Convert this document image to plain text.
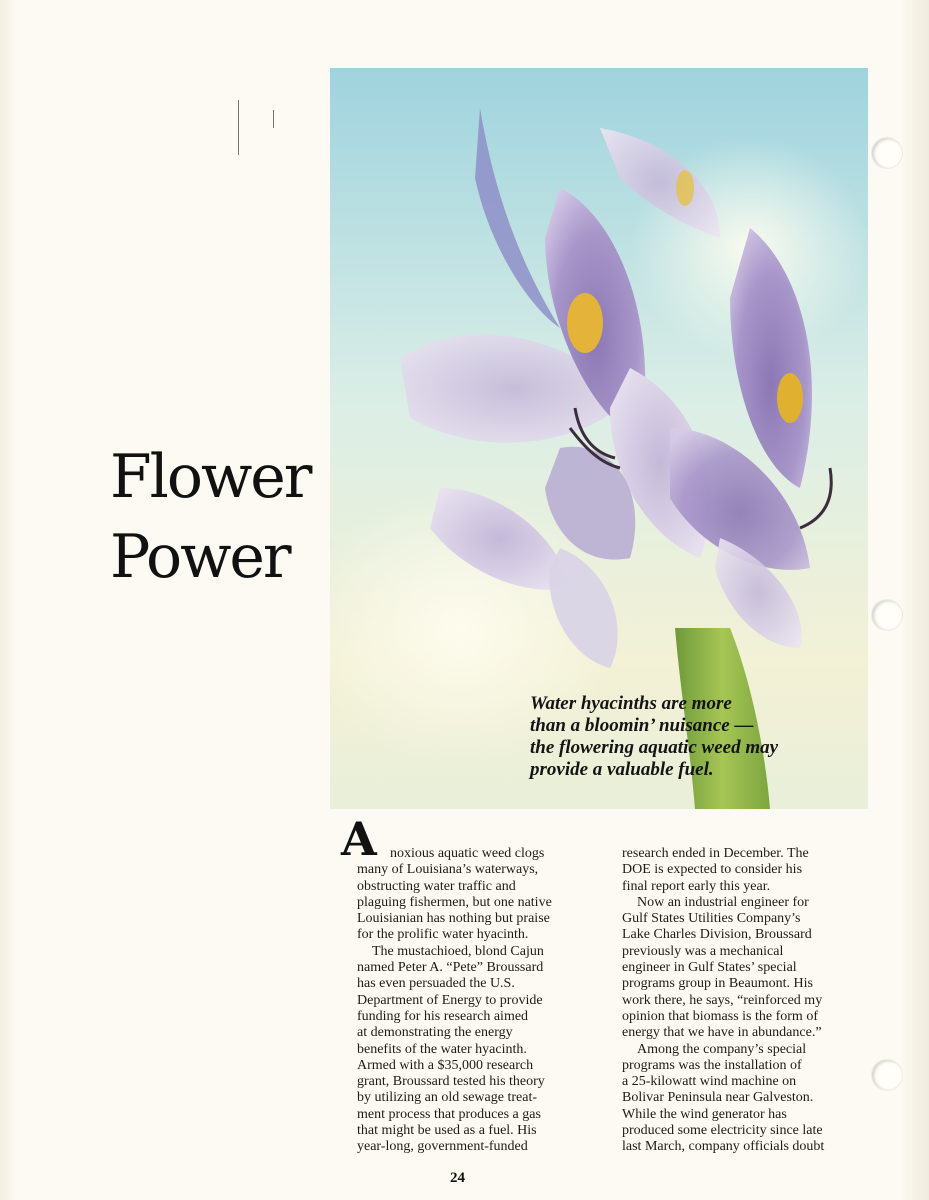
Flower
Power
Water hyacinths are more
than a bloomin’ nuisance —
the flowering aquatic weed may
provide a valuable fuel.
A noxious aquatic weed clogs
many of Louisiana’s waterways,
obstructing water traffic and
plaguing fishermen, but one native
Louisianian has nothing but praise
for the prolific water hyacinth.
The mustachioed, blond Cajun
named Peter A. “Pete” Broussard
has even persuaded the U.S.
Department of Energy to provide
funding for his research aimed
at demonstrating the energy
benefits of the water hyacinth.
Armed with a $35,000 research
grant, Broussard tested his theory
by utilizing an old sewage treat-
ment process that produces a gas
that might be used as a fuel. His
year-long, government-funded
research ended in December. The
DOE is expected to consider his
final report early this year.
Now an industrial engineer for
Gulf States Utilities Company’s
Lake Charles Division, Broussard
previously was a mechanical
engineer in Gulf States’ special
programs group in Beaumont. His
work there, he says, “reinforced my
opinion that biomass is the form of
energy that we have in abundance.”
Among the company’s special
programs was the installation of
a 25-kilowatt wind machine on
Bolivar Peninsula near Galveston.
While the wind generator has
produced some electricity since late
last March, company officials doubt
24
